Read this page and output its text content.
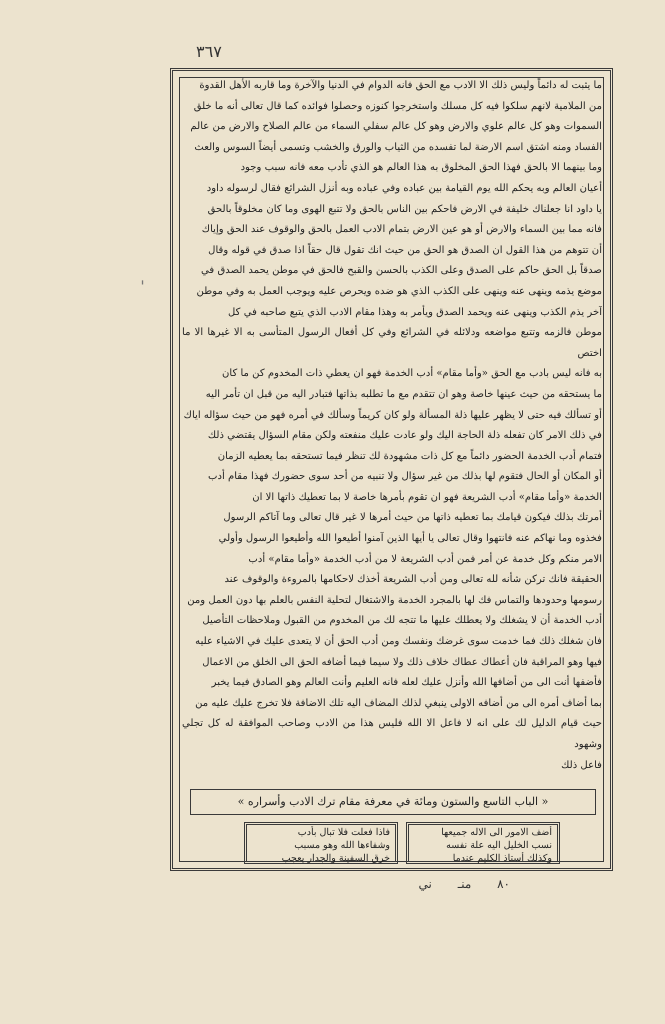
٣٦٧
ما يثبت له دائماً وليس ذلك الا الادب مع الحق فانه الدوام في الدنيا والآخرة وما قاربه الأهل القدوة
من الملامية لانهم سلكوا فيه كل مسلك واستخرجوا كنوزه وحصلوا فوائده كما قال تعالى أنه ما خلق
السموات وهو كل عالم علوي والارض وهو كل عالم سفلي السماء من عالم الصلاح والارض من عالم
الفساد ومنه اشتق اسم الارضة لما تفسده من الثياب والورق والخشب وتسمى أيضاً السوس والعث
وما بينهما الا بالحق فهذا الحق المخلوق به هذا العالم هو الذي تأدب معه فانه سبب وجود
أعيان العالم وبه يحكم الله يوم القيامة بين عباده وفي عباده وبه أنزل الشرائع فقال لرسوله داود
يا داود انا جعلناك خليفة في الارض فاحكم بين الناس بالحق ولا تتبع الهوى وما كان مخلوقاً بالحق
فانه مما بين السماء والارض أو هو عين الارض بتمام الادب العمل بالحق والوقوف عند الحق وإياك
أن تتوهم من هذا القول ان الصدق هو الحق من حيث انك تقول قال حقاً اذا صدق في قوله وقال
صدقاً بل الحق حاكم على الصدق وعلى الكذب بالحسن والقبح فالحق في موطن يحمد الصدق في
موضع يذمه وينهى عنه وينهى على الكذب الذي هو ضده ويحرص عليه ويوجب العمل به وفي موطن
آخر يذم الكذب وينهى عنه ويحمد الصدق ويأمر به وهذا مقام الادب الذي يتبع صاحبه في كل
موطن فالزمه وتتبع مواضعه ودلائله في الشرائع وفي كل أفعال الرسول المتأسى به الا غيرها الا ما اختص
به فانه ليس بادب مع الحق «وأما مقام» أدب الخدمة فهو ان يعطي ذات المخدوم كن ما كان
ما يستحقه من حيث عينها خاصة وهو ان تتقدم مع ما تطلبه بذاتها فتبادر اليه من قبل ان تأمر اليه
أو تسألك فيه حتى لا يظهر عليها ذلة المسألة ولو كان كريماً وسألك في أمره فهو من حيث سؤاله اياك
في ذلك الامر كان تفعله ذلة الحاجة اليك ولو عادت عليك منفعته ولكن مقام السؤال يقتضي ذلك
فتمام أدب الخدمة الحضور دائماً مع كل ذات مشهودة لك تنظر فيما تستحقه بما يعطيه الزمان
أو المكان أو الحال فتقوم لها بذلك من غير سؤال ولا تنبيه من أحد سوى حضورك فهذا مقام أدب
الخدمة «وأما مقام» أدب الشريعة فهو ان تقوم بأمرها خاصة لا بما تعطيك ذاتها الا ان
أمرتك بذلك فيكون قيامك بما تعطيه ذاتها من حيث أمرها لا غير قال تعالى وما آتاكم الرسول
فخذوه وما نهاكم عنه فانتهوا وقال تعالى يا أيها الذين آمنوا أطيعوا الله وأطيعوا الرسول وأولي
الامر منكم وكل خدمة عن أمر فمن أدب الشريعة لا من أدب الخدمة «وأما مقام» أدب
الحقيقة فانك تركن شأنه لله تعالى ومن أدب الشريعة أخذك لاحكامها بالمروءة والوقوف عند
رسومها وحدودها والتماس فك لها بالمجرد الخدمة والاشتغال لتحلية النفس بالعلم بها دون العمل ومن
أدب الخدمة أن لا يشغلك ولا يعطلك عليها ما تتجه لك من المخدوم من القبول وملاحظات التأصيل
فان شغلك ذلك فما خدمت سوى غرضك ونفسك ومن أدب الحق أن لا يتعدى عليك في الاشياء عليه
فيها وهو المراقبة فان أعطاك عطاك خلاف ذلك ولا سيما فيما أضافه الحق الى الخلق من الاعمال
فأضفها أنت الى من أضافها الله وأنزل عليك لعله فانه العليم وأنت العالم وهو الصادق فيما يخبر
بما أضاف أمره الى من أضافه الاولى ينبغي لذلك المضاف اليه تلك الاضافة فلا تخرج عليك عليه من
حيث قيام الدليل لك على انه لا فاعل الا الله فليس هذا من الادب وصاحب الموافقة له كل تجلي وشهود
فاعل ذلك
« الباب التاسع والستون ومائة في معرفة مقام ترك الادب وأسراره »
أضف الامور الى الاله جميعها
نسب الخليل اليه علة نفسه
وكذلك أستاذ الكليم عندما
فاذا فعلت فلا تبال بأدب
وشفاءها الله وهو مسبب
خرق السفينة والجدار يعجب
٨٠ منـ ني
ˈ
